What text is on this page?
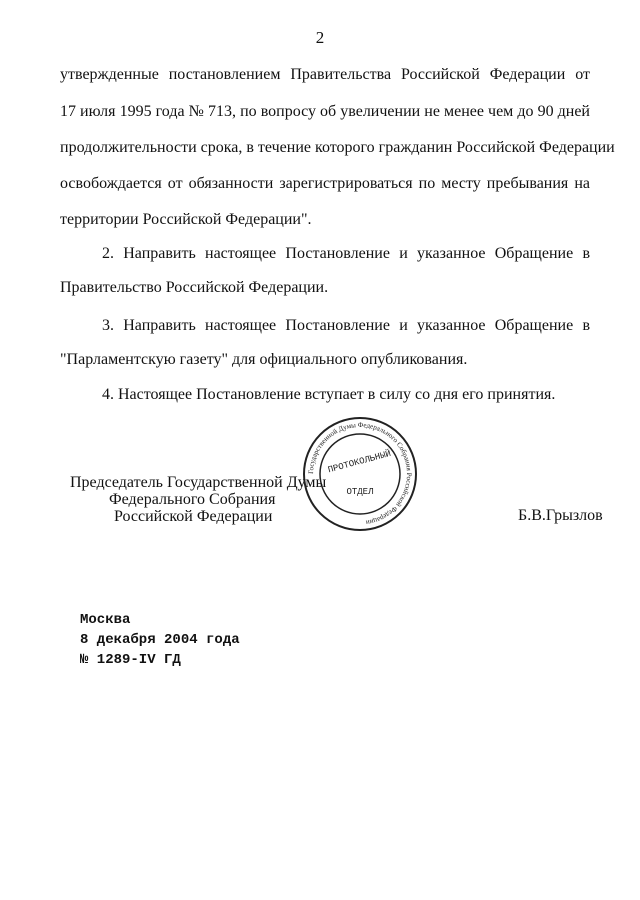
2
утвержденные постановлением Правительства Российской Федерации от
17 июля 1995 года № 713, по вопросу об увеличении не менее чем до 90 дней
продолжительности срока, в течение которого гражданин Российской Федерации
освобождается от обязанности зарегистрироваться по месту пребывания на
территории Российской Федерации".
2. Направить настоящее Постановление и указанное Обращение в
Правительство Российской Федерации.
3. Направить настоящее Постановление и указанное Обращение в
"Парламентскую газету" для официального опубликования.
4. Настоящее Постановление вступает в силу со дня его принятия.
Государственной Думы Федерального Собрания Российской Федерации
ПРОТОКОЛЬНЫЙ
ОТДЕЛ
Председатель Государственной Думы
Федерального Собрания
Российской Федерации	Б.В.Грызлов
Москва
8 декабря 2004 года
№ 1289-IV ГД
